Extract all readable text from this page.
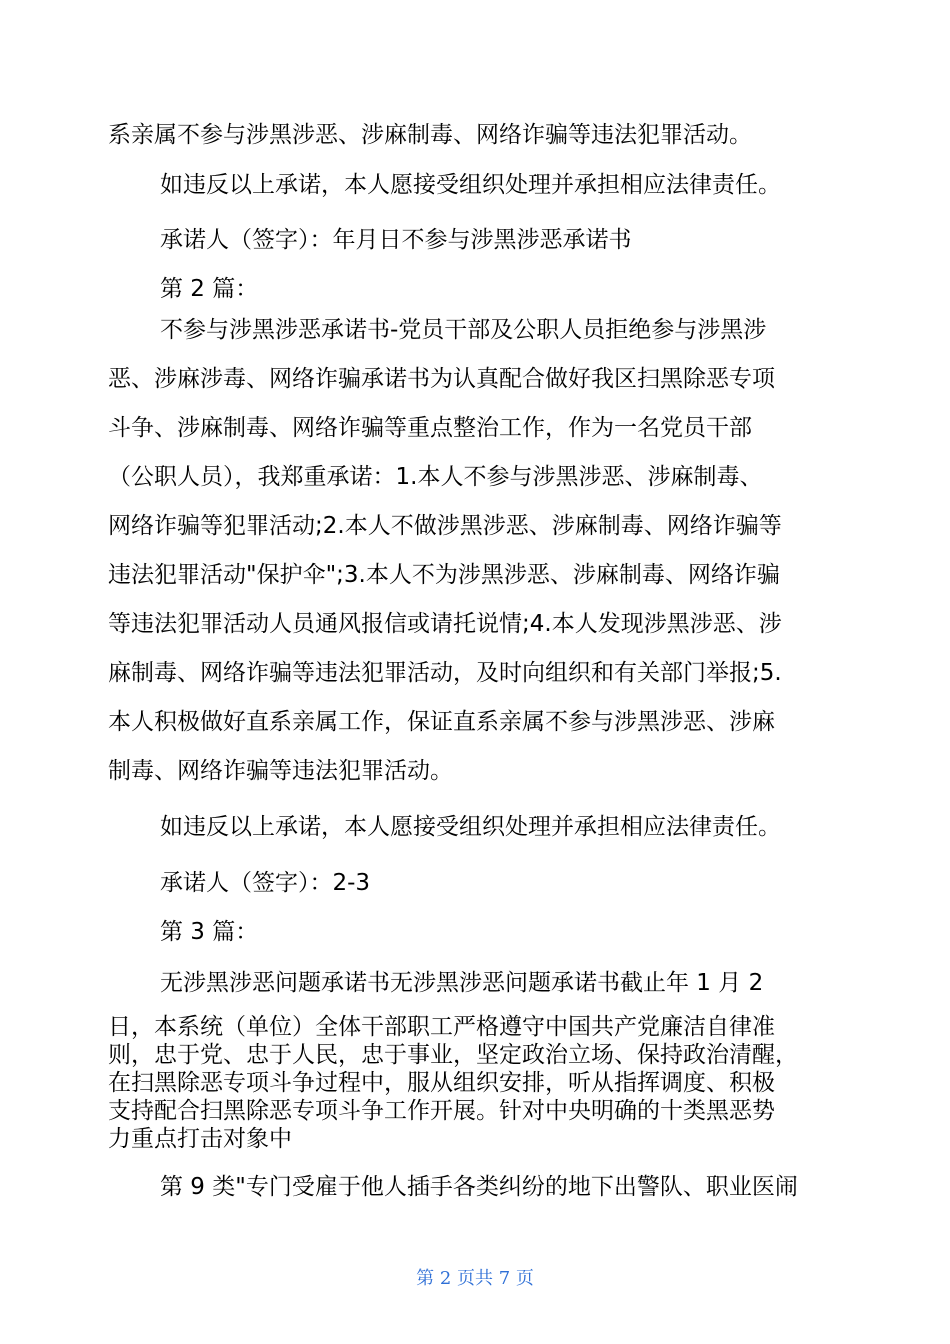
系亲属不参与涉黑涉恶、涉麻制毒、网络诈骗等违法犯罪活动。

如违反以上承诺，本人愿接受组织处理并承担相应法律责任。

承诺人（签字）：年月日不参与涉黑涉恶承诺书

第 2 篇：

不参与涉黑涉恶承诺书-党员干部及公职人员拒绝参与涉黑涉
恶、涉麻涉毒、网络诈骗承诺书为认真配合做好我区扫黑除恶专项
斗争、涉麻制毒、网络诈骗等重点整治工作，作为一名党员干部
（公职人员），我郑重承诺：1.本人不参与涉黑涉恶、涉麻制毒、
网络诈骗等犯罪活动;2.本人不做涉黑涉恶、涉麻制毒、网络诈骗等
违法犯罪活动"保护伞";3.本人不为涉黑涉恶、涉麻制毒、网络诈骗
等违法犯罪活动人员通风报信或请托说情;4.本人发现涉黑涉恶、涉
麻制毒、网络诈骗等违法犯罪活动，及时向组织和有关部门举报;5.
本人积极做好直系亲属工作，保证直系亲属不参与涉黑涉恶、涉麻
制毒、网络诈骗等违法犯罪活动。

如违反以上承诺，本人愿接受组织处理并承担相应法律责任。

承诺人（签字）：2-3

第 3 篇：

无涉黑涉恶问题承诺书无涉黑涉恶问题承诺书截止年 1 月 2

日，本系统（单位）全体干部职工严格遵守中国共产党廉洁自律准
则，忠于党、忠于人民，忠于事业，坚定政治立场、保持政治清醒，
在扫黑除恶专项斗争过程中，服从组织安排，听从指挥调度、积极
支持配合扫黑除恶专项斗争工作开展。针对中央明确的十类黑恶势
力重点打击对象中

第 9 类"专门受雇于他人插手各类纠纷的地下出警队、职业医闹

第 2 页共 7 页
